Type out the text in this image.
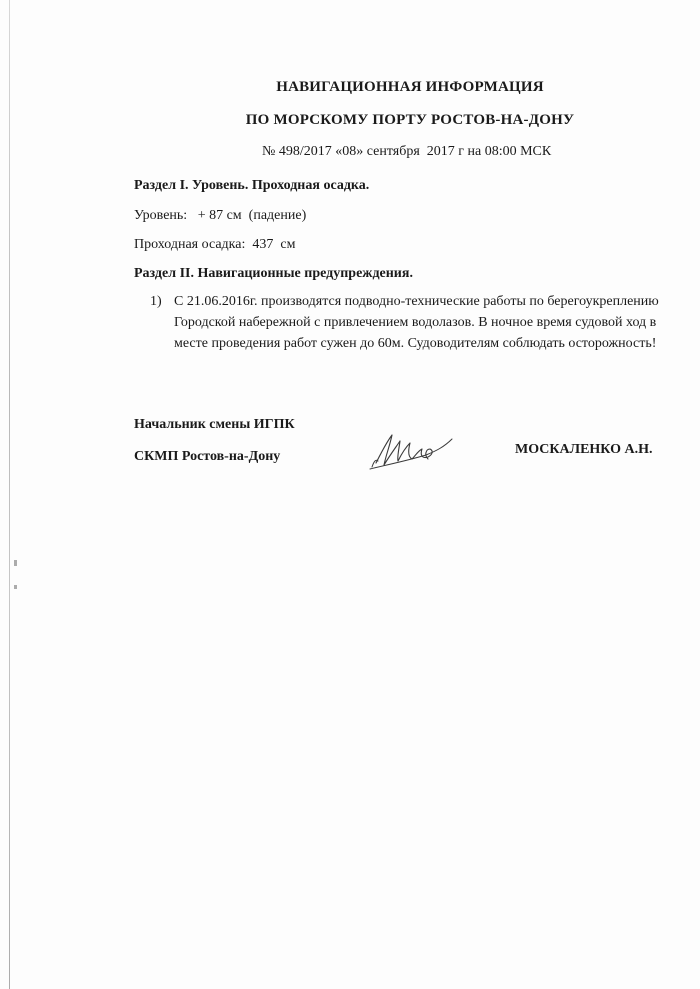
НАВИГАЦИОННАЯ ИНФОРМАЦИЯ
ПО МОРСКОМУ ПОРТУ РОСТОВ-НА-ДОНУ
№ 498/2017 «08» сентября  2017 г на 08:00 МСК
Раздел I. Уровень. Проходная осадка.
Уровень:   + 87 см  (падение)
Проходная осадка:  437  см
Раздел II. Навигационные предупреждения.
1) С 21.06.2016г. производятся подводно-технические работы по берегоукреплению Городской набережной с привлечением водолазов. В ночное время судовой ход в месте проведения работ сужен до 60м. Судоводителям соблюдать осторожность!
Начальник смены ИГПК
СКМП Ростов-на-Дону	МОСКАЛЕНКО А.Н.
